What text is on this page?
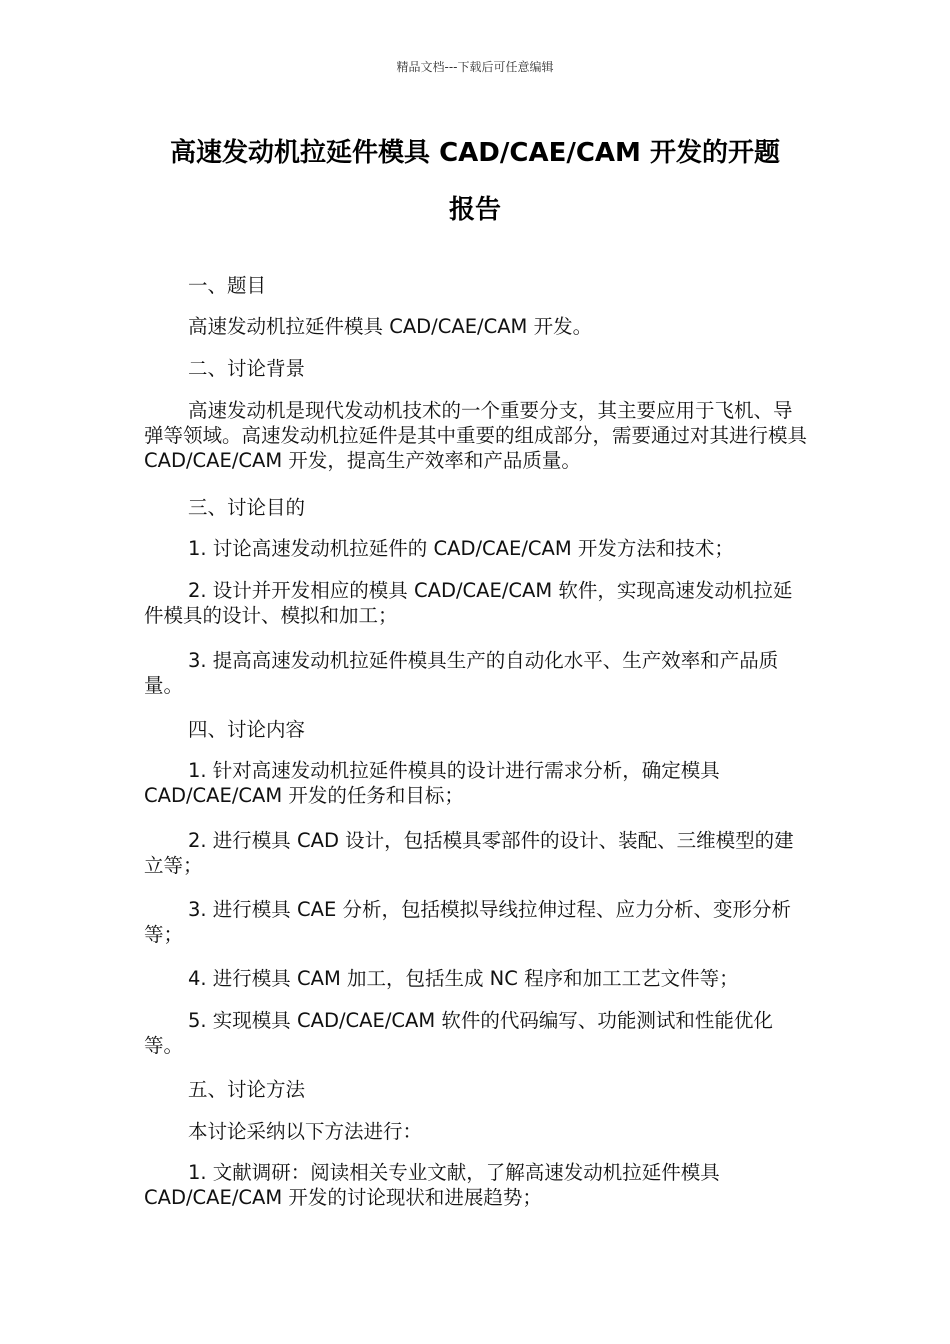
精品文档---下载后可任意编辑
高速发动机拉延件模具 CAD/CAE/CAM 开发的开题
报告
一、题目
高速发动机拉延件模具 CAD/CAE/CAM 开发。
二、讨论背景
高速发动机是现代发动机技术的一个重要分支，其主要应用于飞机、导弹等领域。高速发动机拉延件是其中重要的组成部分，需要通过对其进行模具 CAD/CAE/CAM 开发，提高生产效率和产品质量。
三、讨论目的
1. 讨论高速发动机拉延件的 CAD/CAE/CAM 开发方法和技术；
2. 设计并开发相应的模具 CAD/CAE/CAM 软件，实现高速发动机拉延件模具的设计、模拟和加工；
3. 提高高速发动机拉延件模具生产的自动化水平、生产效率和产品质量。
四、讨论内容
1. 针对高速发动机拉延件模具的设计进行需求分析，确定模具 CAD/CAE/CAM 开发的任务和目标；
2. 进行模具 CAD 设计，包括模具零部件的设计、装配、三维模型的建立等；
3. 进行模具 CAE 分析，包括模拟导线拉伸过程、应力分析、变形分析等；
4. 进行模具 CAM 加工，包括生成 NC 程序和加工工艺文件等；
5. 实现模具 CAD/CAE/CAM 软件的代码编写、功能测试和性能优化等。
五、讨论方法
本讨论采纳以下方法进行：
1. 文献调研：阅读相关专业文献，了解高速发动机拉延件模具 CAD/CAE/CAM 开发的讨论现状和进展趋势；
